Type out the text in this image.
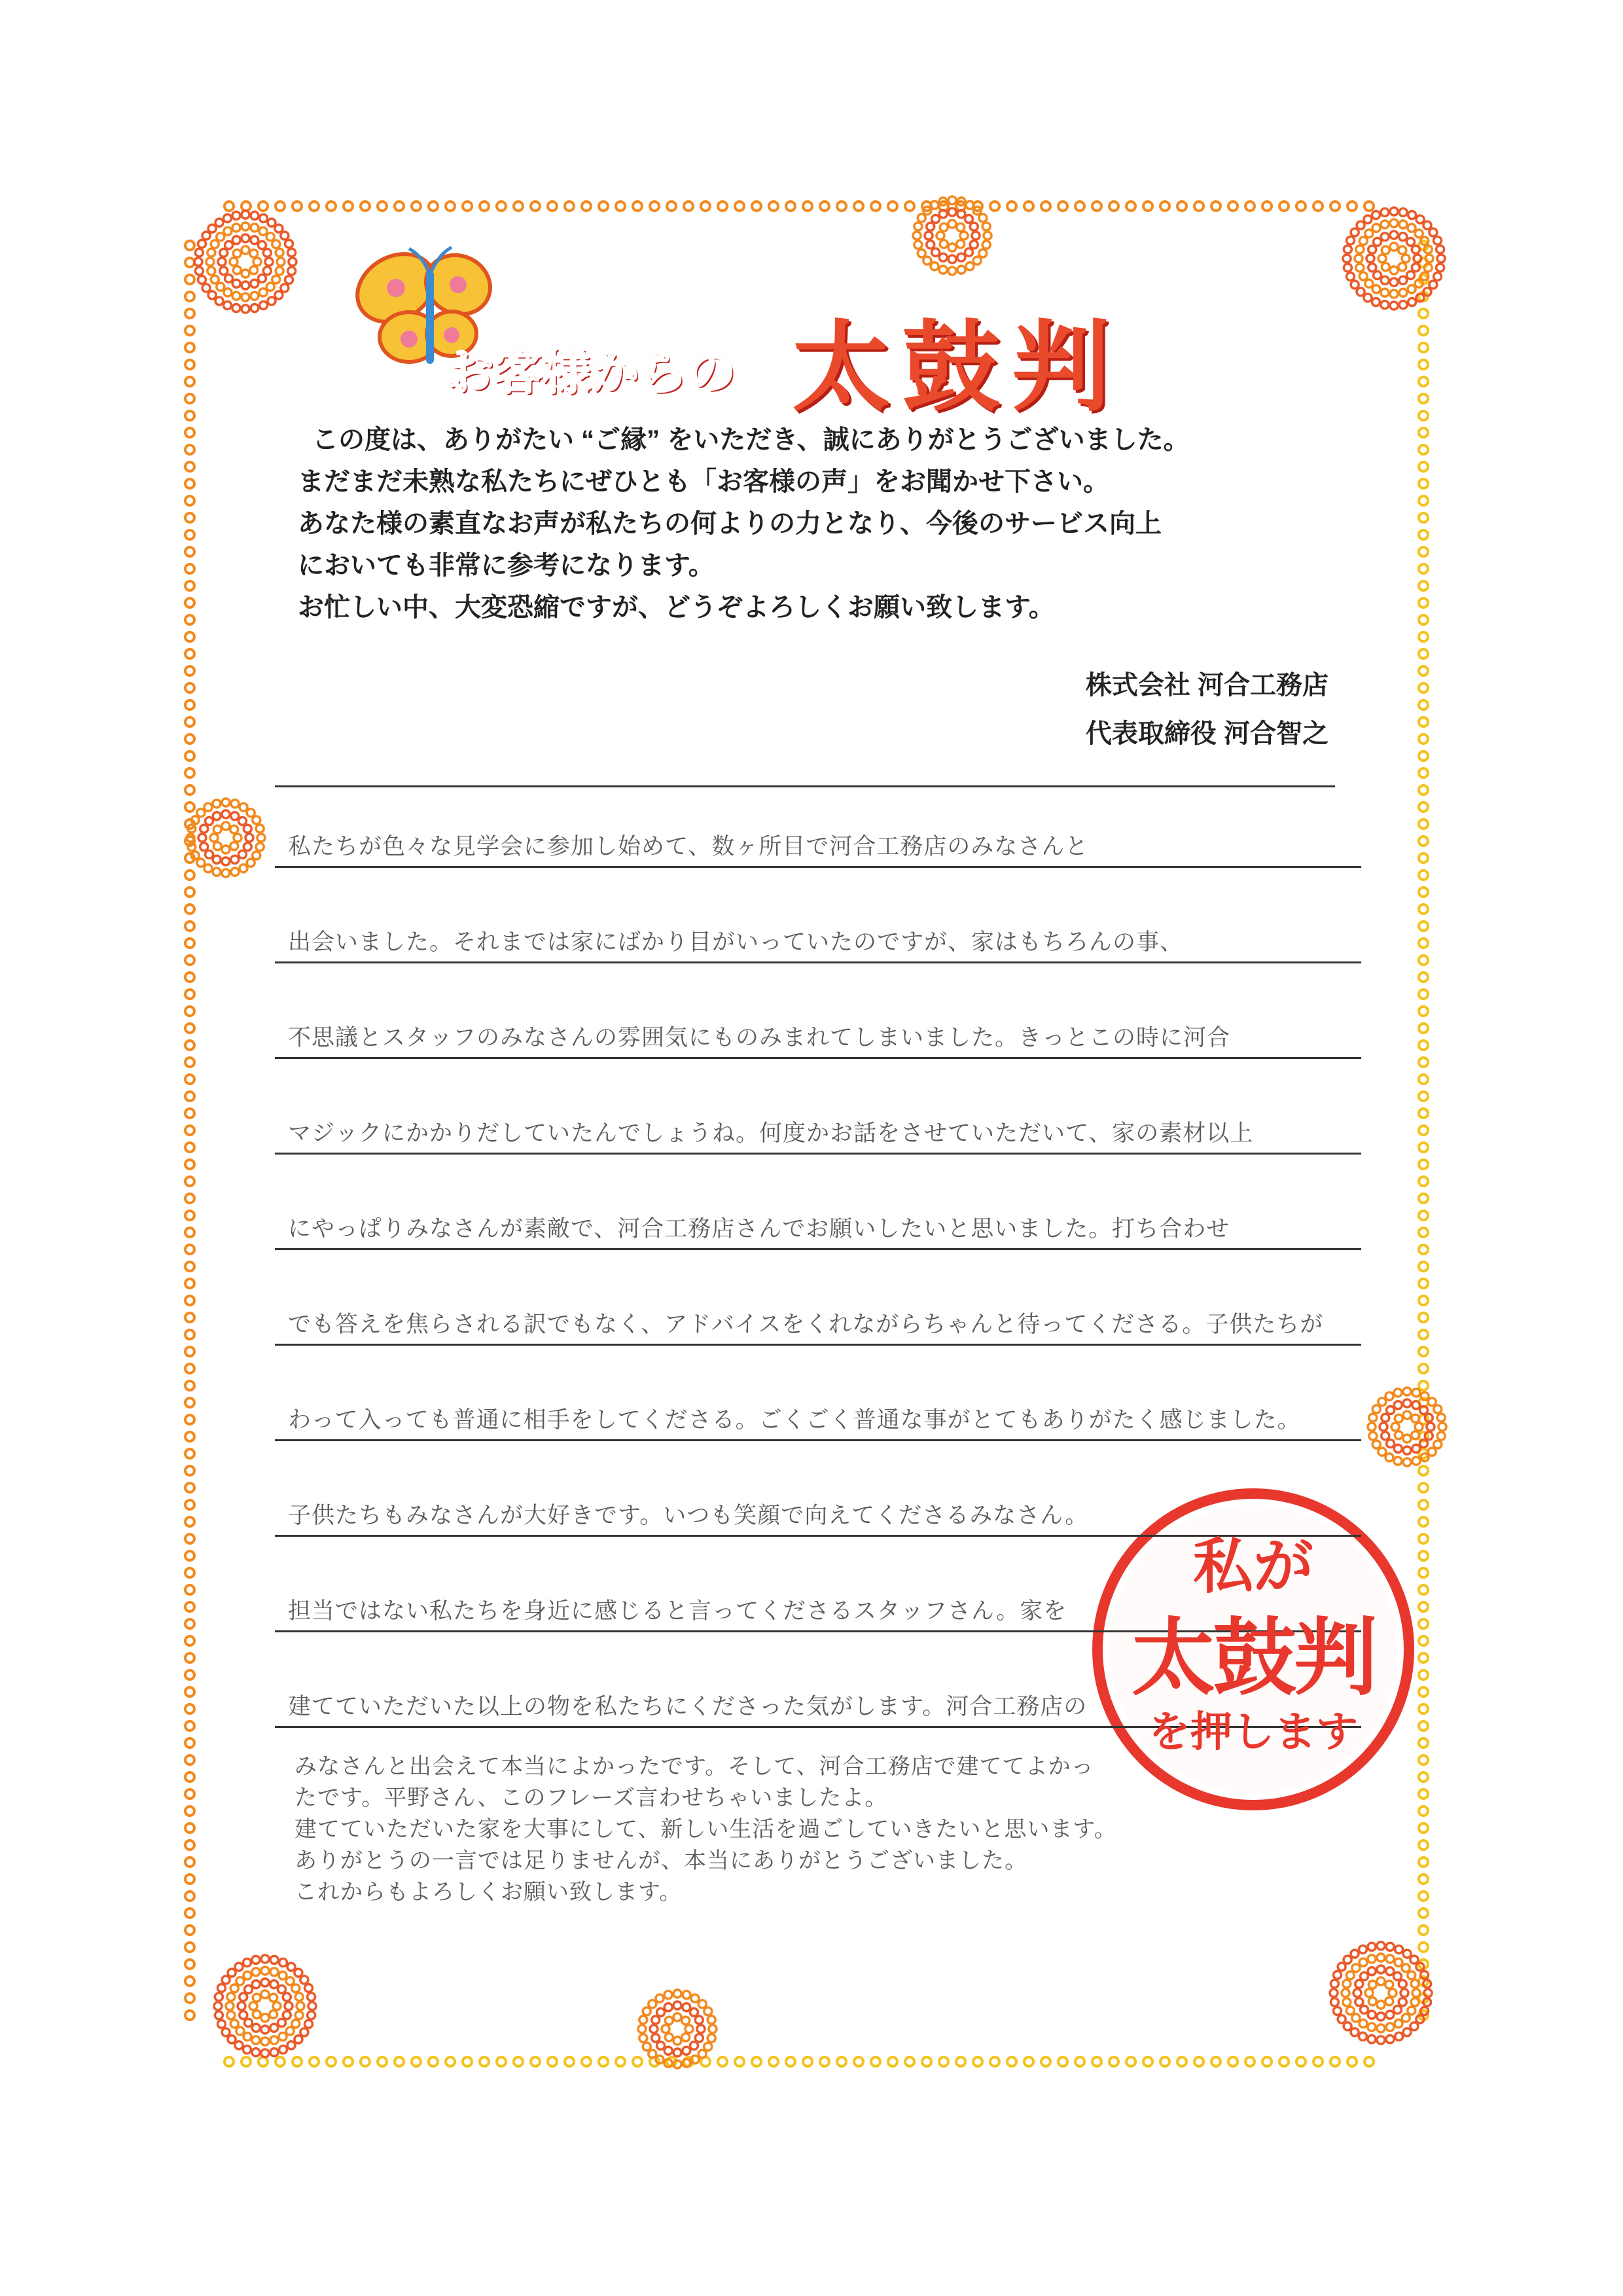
お客様からの 太鼓判

この度は、ありがたい “ご縁” をいただき、誠にありがとうございました。

まだまだ未熟な私たちにぜひとも「お客様の声」をお聞かせ下さい。

あなた様の素直なお声が私たちの何よりの力となり、今後のサービス向上

においても非常に参考になります。

お忙しい中、大変恐縮ですが、どうぞよろしくお願い致します。

株式会社 河合工務店
代表取締役 河合智之
私たちが色々な見学会に参加し始めて、数ヶ所目で河合工務店のみなさんと
出会いました。それまでは家にばかり目がいっていたのですが、家はもちろんの事、
不思議とスタッフのみなさんの雰囲気にものみまれてしまいました。きっとこの時に河合
マジックにかかりだしていたんでしょうね。何度かお話をさせていただいて、家の素材以上
にやっぱりみなさんが素敵で、河合工務店さんでお願いしたいと思いました。打ち合わせ
でも答えを焦らされる訳でもなく、アドバイスをくれながらちゃんと待ってくださる。子供たちが
わって入っても普通に相手をしてくださる。ごくごく普通な事がとてもありがたく感じました。
子供たちもみなさんが大好きです。いつも笑顔で向えてくださるみなさん。
担当ではない私たちを身近に感じると言ってくださるスタッフさん。家を
建てていただいた以上の物を私たちにくださった気がします。河合工務店の
みなさんと出会えて本当によかったです。そして、河合工務店で建ててよかっ
たです。平野さん、このフレーズ言わせちゃいましたよ。
建てていただいた家を大事にして、新しい生活を過ごしていきたいと思います。
ありがとうの一言では足りませんが、本当にありがとうございました。
これからもよろしくお願い致します。
私が
太鼓判
を押します
